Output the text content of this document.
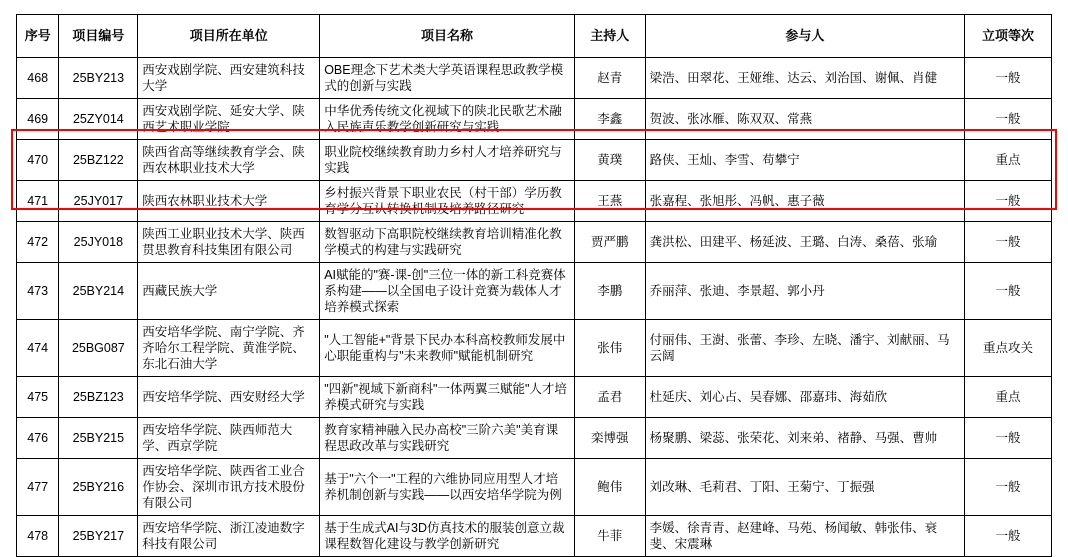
序号	项目编号	项目所在单位	项目名称	主持人	参与人	立项等次
468	25BY213	西安戏剧学院、西安建筑科技大学	OBE理念下艺术类大学英语课程思政教学模式的创新与实践	赵青	梁浩、田翠花、王娅维、达云、刘治国、谢佩、肖健	一般
469	25ZY014	西安戏剧学院、延安大学、陕西艺术职业学院	中华优秀传统文化视域下的陕北民歌艺术融入民族声乐教学创新研究与实践	李鑫	贺波、张冰雁、陈双双、常燕	一般
470	25BZ122	陕西省高等继续教育学会、陕西农林职业技术大学	职业院校继续教育助力乡村人才培养研究与实践	黄璞	路侠、王灿、李雪、苟攀宁	重点
471	25JY017	陕西农林职业技术大学	乡村振兴背景下职业农民（村干部）学历教育学分互认转换机制及培养路径研究	王燕	张嘉程、张旭彤、冯帆、惠子薇	一般
472	25JY018	陕西工业职业技术大学、陕西贯思教育科技集团有限公司	数智驱动下高职院校继续教育培训精准化教学模式的构建与实践研究	贾严鹏	龚洪松、田建平、杨延波、王璐、白涛、桑蓓、张瑜	一般
473	25BY214	西藏民族大学	AI赋能的"赛-课-创"三位一体的新工科竞赛体系构建——以全国电子设计竞赛为载体人才培养模式探索	李鹏	乔丽萍、张迪、李景超、郭小丹	一般
474	25BG087	西安培华学院、南宁学院、齐齐哈尔工程学院、黄淮学院、东北石油大学	"人工智能+"背景下民办本科高校教师发展中心职能重构与"未来教师"赋能机制研究	张伟	付丽伟、王澍、张蕾、李珍、左晓、潘宇、刘献丽、马云阔	重点攻关
475	25BZ123	西安培华学院、西安财经大学	"四新"视域下新商科"一体两翼三赋能"人才培养模式研究与实践	孟君	杜延庆、刘心占、吴春娜、邵嘉玮、海茹欣	重点
476	25BY215	西安培华学院、陕西师范大学、西京学院	教育家精神融入民办高校"三阶六美"美育课程思政改革与实践研究	栾博强	杨聚鹏、梁蕊、张荣花、刘来弟、褚静、马强、曹帅	一般
477	25BY216	西安培华学院、陕西省工业合作协会、深圳市讯方技术股份有限公司	基于"六个一"工程的六维协同应用型人才培养机制创新与实践——以西安培华学院为例	鲍伟	刘改琳、毛莉君、丁阳、王菊宁、丁振强	一般
478	25BY217	西安培华学院、浙江凌迪数字科技有限公司	基于生成式AI与3D仿真技术的服装创意立裁课程数智化建设与教学创新研究	牛菲	李媛、徐青青、赵建峰、马苑、杨闻敏、韩张伟、衰斐、宋震琳	一般
